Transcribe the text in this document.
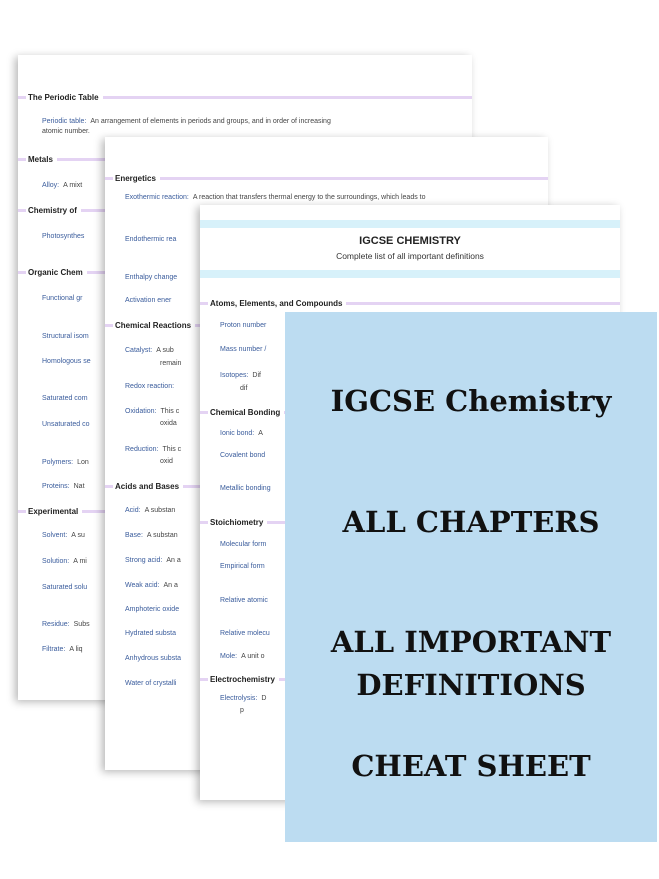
The Periodic Table
Periodic table: An arrangement of elements in periods and groups, and in order of increasing
atomic number.
Metals
Alloy: A mixt
Chemistry of
Photosynthes
Organic Chem
Functional gr
Structural isom
Homologous se
Saturated com
Unsaturated co
Polymers: Lon
Proteins: Nat
Experimental
Solvent: A su
Solution: A mi
Saturated solu
Residue: Subs
Filtrate: A liq
Energetics
Exothermic reaction: A reaction that transfers thermal energy to the surroundings, which leads to
Endothermic rea
Enthalpy change
Activation ener
Chemical Reactions
Catalyst: A sub
remain
Redox reaction:
Oxidation: This c
oxida
Reduction: This c
oxid
Acids and Bases
Acid: A substan
Base: A substan
Strong acid: An a
Weak acid: An a
Amphoteric oxide
Hydrated substa
Anhydrous substa
Water of crystalli
IGCSE CHEMISTRY
Complete list of all important definitions
Atoms, Elements, and Compounds
Proton number
Mass number /
Isotopes: Dif
dif
Chemical Bonding
Ionic bond: A
Covalent bond
Metallic bonding
Stoichiometry
Molecular form
Empirical form
Relative atomic
Relative molecu
Mole: A unit o
Electrochemistry
Electrolysis: D
p
IGCSE Chemistry
ALL CHAPTERS
ALL IMPORTANT
DEFINITIONS
CHEAT SHEET
